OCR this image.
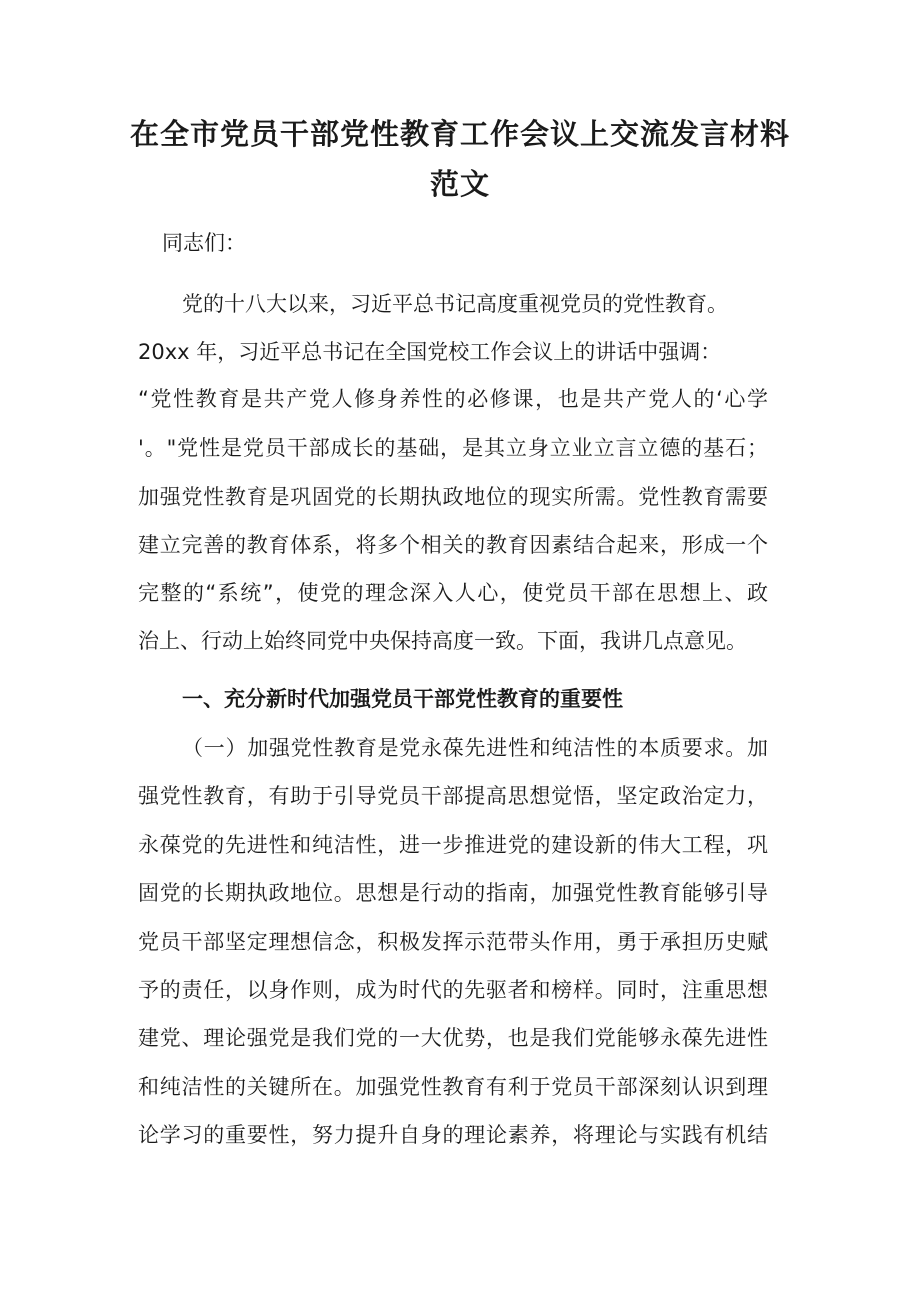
在全市党员干部党性教育工作会议上交流发言材料
范文

同志们：

党的十八大以来，习近平总书记高度重视党员的党性教育。

20xx 年，习近平总书记在全国党校工作会议上的讲话中强调：

“党性教育是共产党人修身养性的必修课，也是共产党人的‘心学

'。"党性是党员干部成长的基础，是其立身立业立言立德的基石；

加强党性教育是巩固党的长期执政地位的现实所需。党性教育需要

建立完善的教育体系，将多个相关的教育因素结合起来，形成一个

完整的“系统”，使党的理念深入人心，使党员干部在思想上、政

治上、行动上始终同党中央保持高度一致。下面，我讲几点意见。

一、充分新时代加强党员干部党性教育的重要性

（一）加强党性教育是党永葆先进性和纯洁性的本质要求。加

强党性教育，有助于引导党员干部提高思想觉悟，坚定政治定力，

永葆党的先进性和纯洁性，进一步推进党的建设新的伟大工程，巩

固党的长期执政地位。思想是行动的指南，加强党性教育能够引导

党员干部坚定理想信念，积极发挥示范带头作用，勇于承担历史赋

予的责任，以身作则，成为时代的先驱者和榜样。同时，注重思想

建党、理论强党是我们党的一大优势，也是我们党能够永葆先进性

和纯洁性的关键所在。加强党性教育有利于党员干部深刻认识到理

论学习的重要性，努力提升自身的理论素养，将理论与实践有机结
